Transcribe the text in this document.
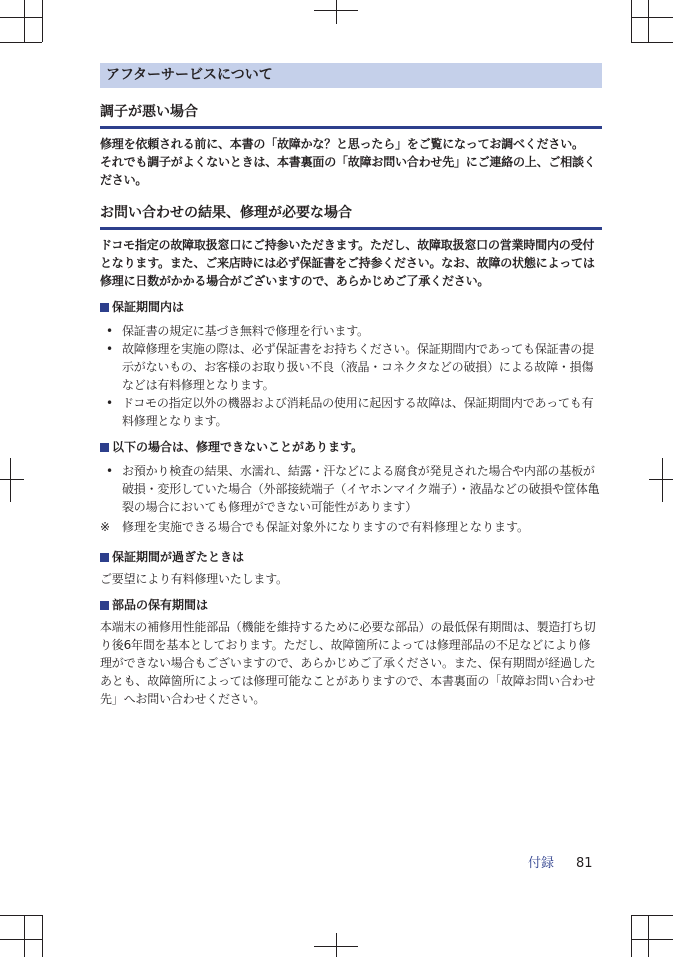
アフターサービスについて
調子が悪い場合

修理を依頼される前に、本書の「故障かな？と思ったら」をご覧になってお調べください。

それでも調子がよくないときは、本書裏面の「故障お問い合わせ先」にご連絡の上、ご相談ください。

お問い合わせの結果、修理が必要な場合

ドコモ指定の故障取扱窓口にご持参いただきます。ただし、故障取扱窓口の営業時間内の受付となります。また、ご来店時には必ず保証書をご持参ください。なお、故障の状態によっては修理に日数がかかる場合がございますので、あらかじめご了承ください。

保証期間内は
• 保証書の規定に基づき無料で修理を行います。
• 故障修理を実施の際は、必ず保証書をお持ちください。保証期間内であっても保証書の提示がないもの、お客様のお取り扱い不良（液晶・コネクタなどの破損）による故障・損傷などは有料修理となります。
• ドコモの指定以外の機器および消耗品の使用に起因する故障は、保証期間内であっても有料修理となります。
以下の場合は、修理できないことがあります。
• お預かり検査の結果、水濡れ、結露・汗などによる腐食が発見された場合や内部の基板が破損・変形していた場合（外部接続端子（イヤホンマイク端子）・液晶などの破損や筐体亀裂の場合においても修理ができない可能性があります）
※ 修理を実施できる場合でも保証対象外になりますので有料修理となります。
保証期間が過ぎたときは
ご要望により有料修理いたします。
部品の保有期間は
本端末の補修用性能部品（機能を維持するために必要な部品）の最低保有期間は、製造打ち切り後6年間を基本としております。ただし、故障箇所によっては修理部品の不足などにより修理ができない場合もございますので、あらかじめご了承ください。また、保有期間が経過したあとも、故障箇所によっては修理可能なことがありますので、本書裏面の「故障お問い合わせ先」へお問い合わせください。
付録 81
